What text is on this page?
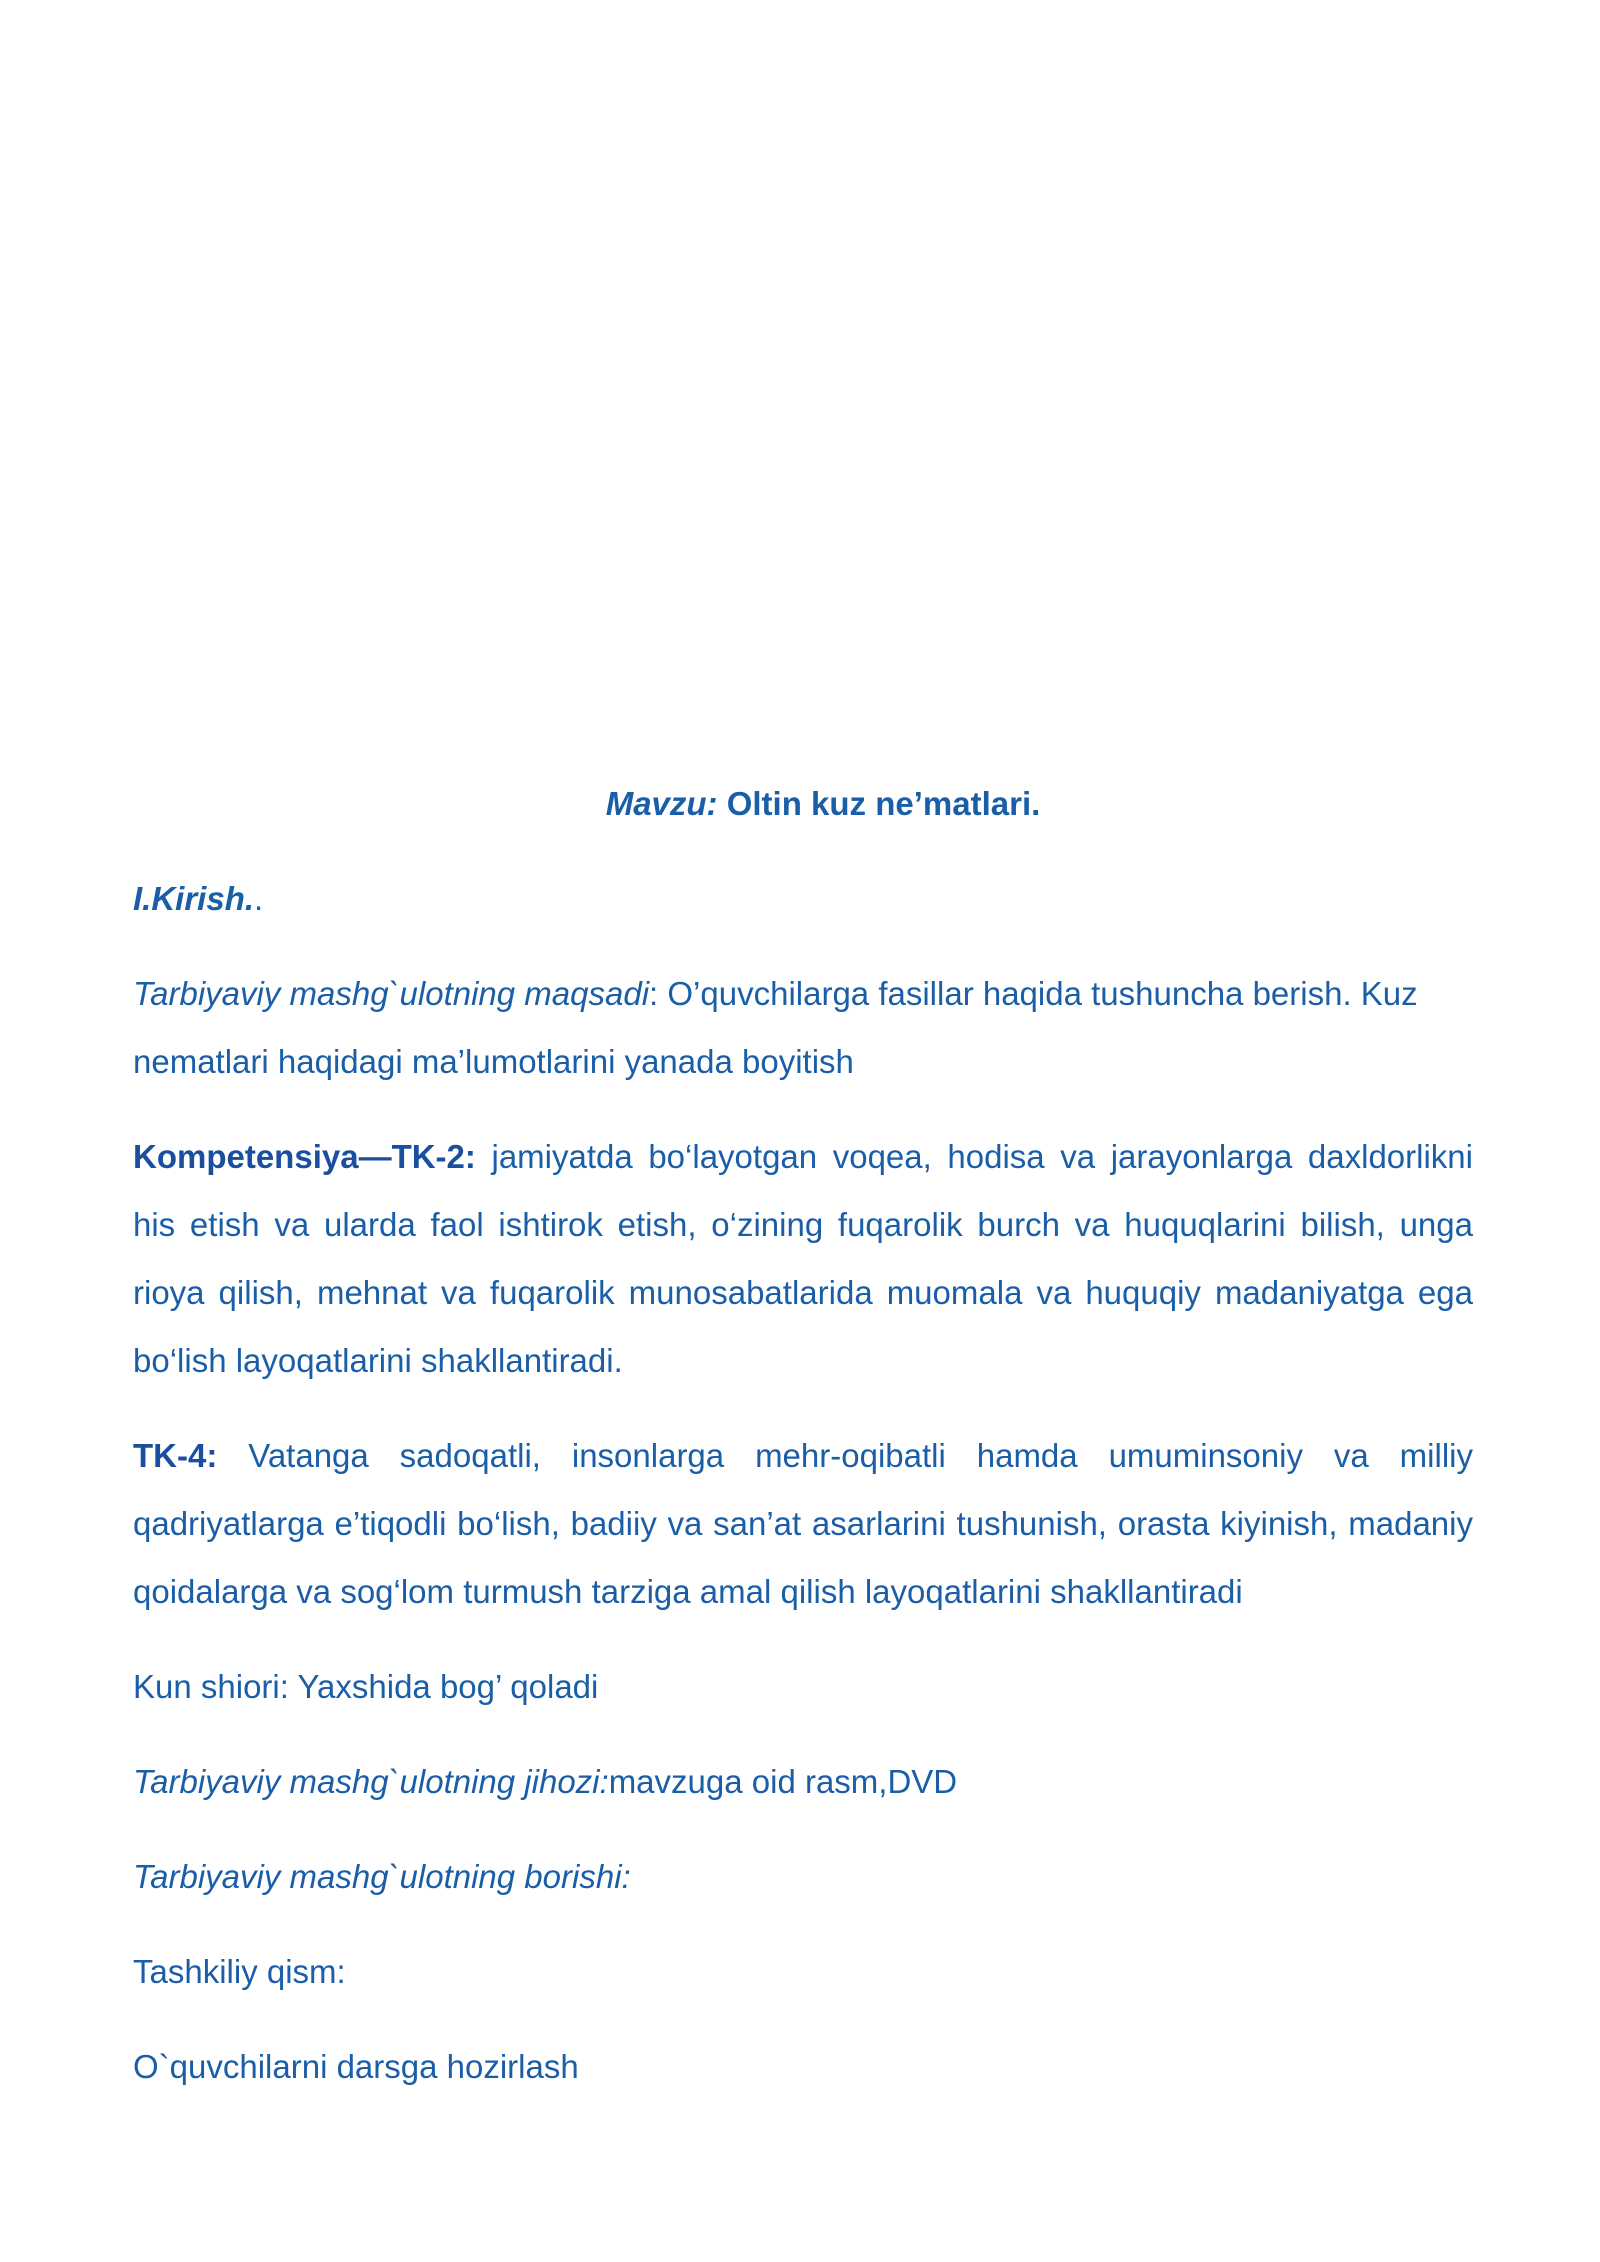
Mavzu: Oltin kuz ne’matlari.

I.Kirish..

Tarbiyaviy mashg`ulotning maqsadi: O’quvchilarga fasillar haqida tushuncha berish. Kuz nematlari haqidagi ma’lumotlarini yanada boyitish

Kompetensiya—TK-2: jamiyatda bo‘layotgan voqea, hodisa va jarayonlarga daxldorlikni his etish va ularda faol ishtirok etish, o‘zining fuqarolik burch va huquqlarini bilish, unga rioya qilish, mehnat va fuqarolik munosabatlarida muomala va huquqiy madaniyatga ega bo‘lish layoqatlarini shakllantiradi.

TK-4: Vatanga sadoqatli, insonlarga mehr-oqibatli hamda umuminsoniy va milliy qadriyatlarga e’tiqodli bo‘lish, badiiy va san’at asarlarini tushunish, orasta kiyinish, madaniy qoidalarga va sog‘lom turmush tarziga amal qilish layoqatlarini shakllantiradi

Kun shiori: Yaxshida bog’ qoladi

Tarbiyaviy mashg`ulotning jihozi:mavzuga oid rasm,DVD

Tarbiyaviy mashg`ulotning borishi:

Tashkiliy qism:

O`quvchilarni darsga hozirlash
